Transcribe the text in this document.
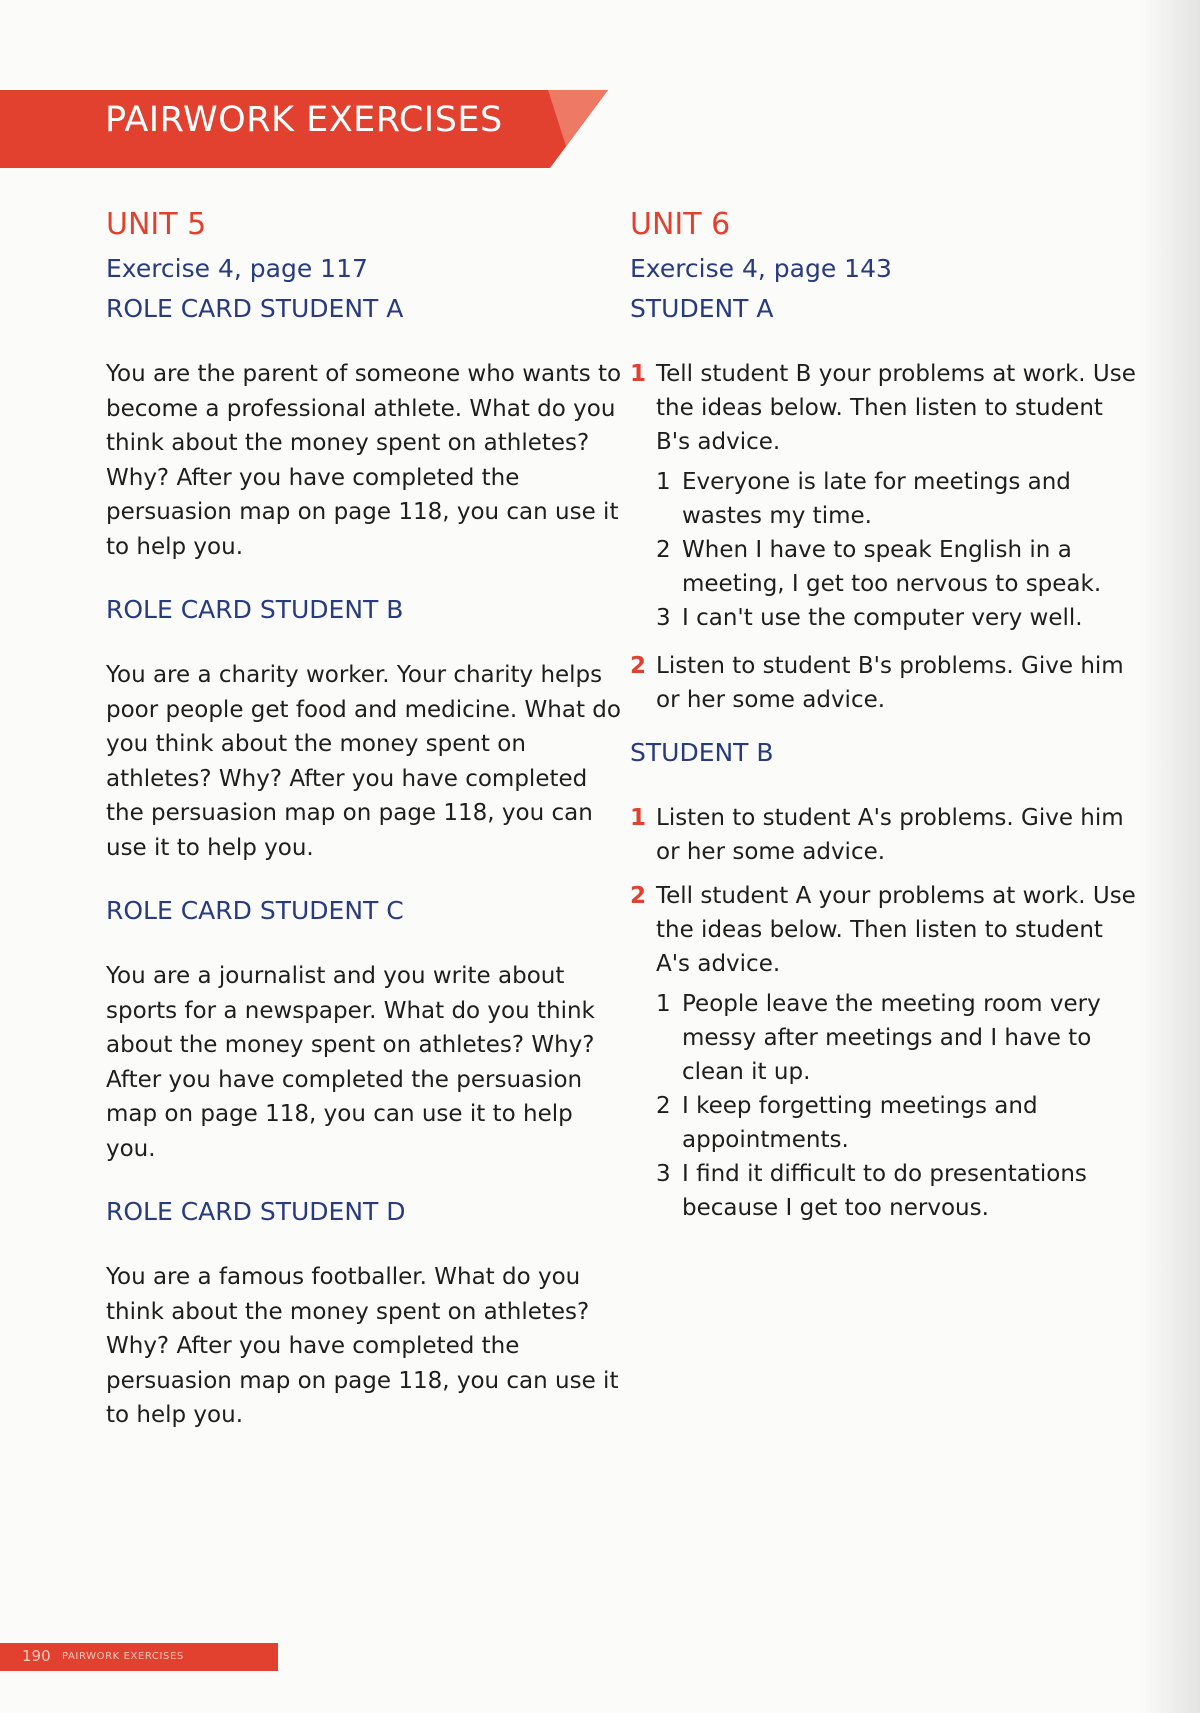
PAIRWORK EXERCISES
UNIT 5
Exercise 4, page 117
ROLE CARD STUDENT A
You are the parent of someone who wants to become a professional athlete. What do you think about the money spent on athletes? Why? After you have completed the persuasion map on page 118, you can use it to help you.
ROLE CARD STUDENT B
You are a charity worker. Your charity helps poor people get food and medicine. What do you think about the money spent on athletes? Why? After you have completed the persuasion map on page 118, you can use it to help you.
ROLE CARD STUDENT C
You are a journalist and you write about sports for a newspaper. What do you think about the money spent on athletes? Why? After you have completed the persuasion map on page 118, you can use it to help you.
ROLE CARD STUDENT D
You are a famous footballer. What do you think about the money spent on athletes? Why? After you have completed the persuasion map on page 118, you can use it to help you.
UNIT 6
Exercise 4, page 143
STUDENT A
1 Tell student B your problems at work. Use the ideas below. Then listen to student B's advice.
1 Everyone is late for meetings and wastes my time.
2 When I have to speak English in a meeting, I get too nervous to speak.
3 I can't use the computer very well.
2 Listen to student B's problems. Give him or her some advice.
STUDENT B
1 Listen to student A's problems. Give him or her some advice.
2 Tell student A your problems at work. Use the ideas below. Then listen to student A's advice.
1 People leave the meeting room very messy after meetings and I have to clean it up.
2 I keep forgetting meetings and appointments.
3 I find it difficult to do presentations because I get too nervous.
190 PAIRWORK EXERCISES
